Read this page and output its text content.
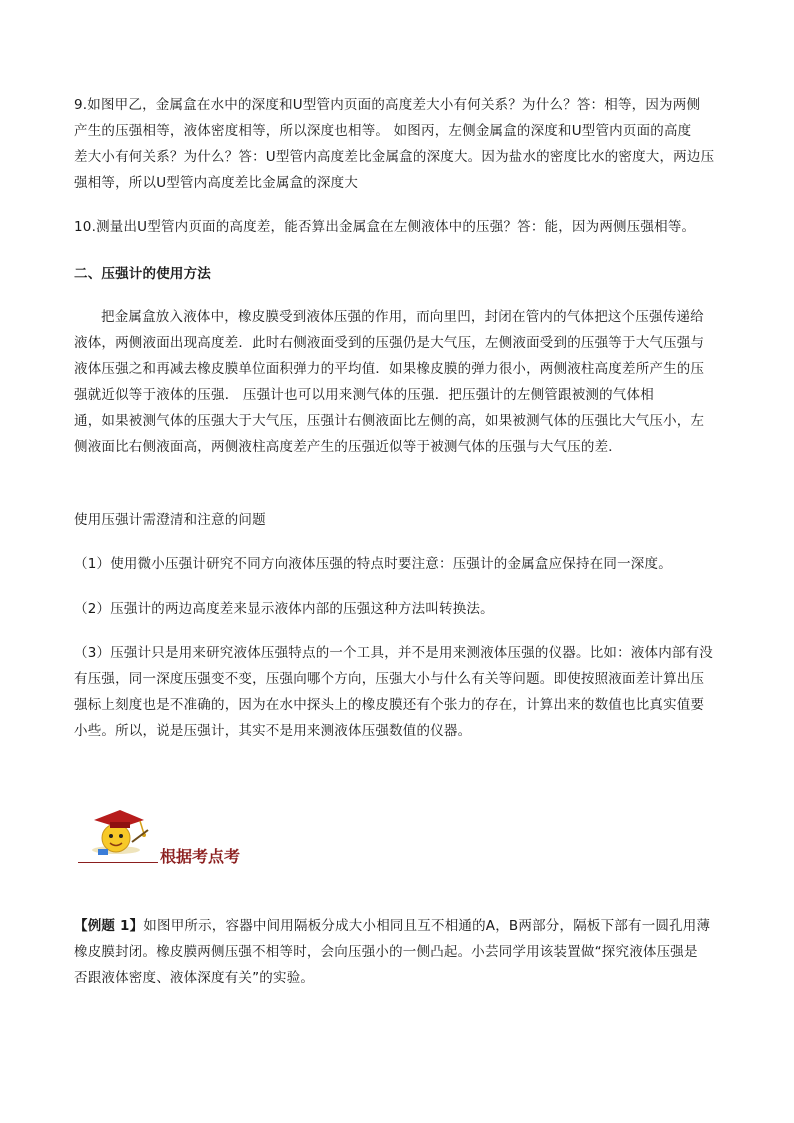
9.如图甲乙，金属盒在水中的深度和U型管内页面的高度差大小有何关系？为什么？答：相等，因为两侧
产生的压强相等，液体密度相等，所以深度也相等。 如图丙，左侧金属盒的深度和U型管内页面的高度
差大小有何关系？为什么？答：U型管内高度差比金属盒的深度大。因为盐水的密度比水的密度大，两边压
强相等，所以U型管内高度差比金属盒的深度大

10.测量出U型管内页面的高度差，能否算出金属盒在左侧液体中的压强？答：能，因为两侧压强相等。

二、压强计的使用方法

把金属盒放入液体中，橡皮膜受到液体压强的作用，而向里凹，封闭在管内的气体把这个压强传递给
液体，两侧液面出现高度差．此时右侧液面受到的压强仍是大气压，左侧液面受到的压强等于大气压强与
液体压强之和再减去橡皮膜单位面积弹力的平均值．如果橡皮膜的弹力很小，两侧液柱高度差所产生的压
强就近似等于液体的压强． 压强计也可以用来测气体的压强．把压强计的左侧管跟被测的气体相
通，如果被测气体的压强大于大气压，压强计右侧液面比左侧的高，如果被测气体的压强比大气压小，左
侧液面比右侧液面高，两侧液柱高度差产生的压强近似等于被测气体的压强与大气压的差．

使用压强计需澄清和注意的问题

（1）使用微小压强计研究不同方向液体压强的特点时要注意：压强计的金属盒应保持在同一深度。

（2）压强计的两边高度差来显示液体内部的压强这种方法叫转换法。

（3）压强计只是用来研究液体压强特点的一个工具，并不是用来测液体压强的仪器。比如：液体内部有没
有压强，同一深度压强变不变，压强向哪个方向，压强大小与什么有关等问题。即使按照液面差计算出压
强标上刻度也是不准确的，因为在水中探头上的橡皮膜还有个张力的存在，计算出来的数值也比真实值要
小些。所以，说是压强计，其实不是用来测液体压强数值的仪器。

根据考点考

【例题 1】如图甲所示，容器中间用隔板分成大小相同且互不相通的A，B两部分，隔板下部有一圆孔用薄
橡皮膜封闭。橡皮膜两侧压强不相等时，会向压强小的一侧凸起。小芸同学用该装置做“探究液体压强是
否跟液体密度、液体深度有关”的实验。
